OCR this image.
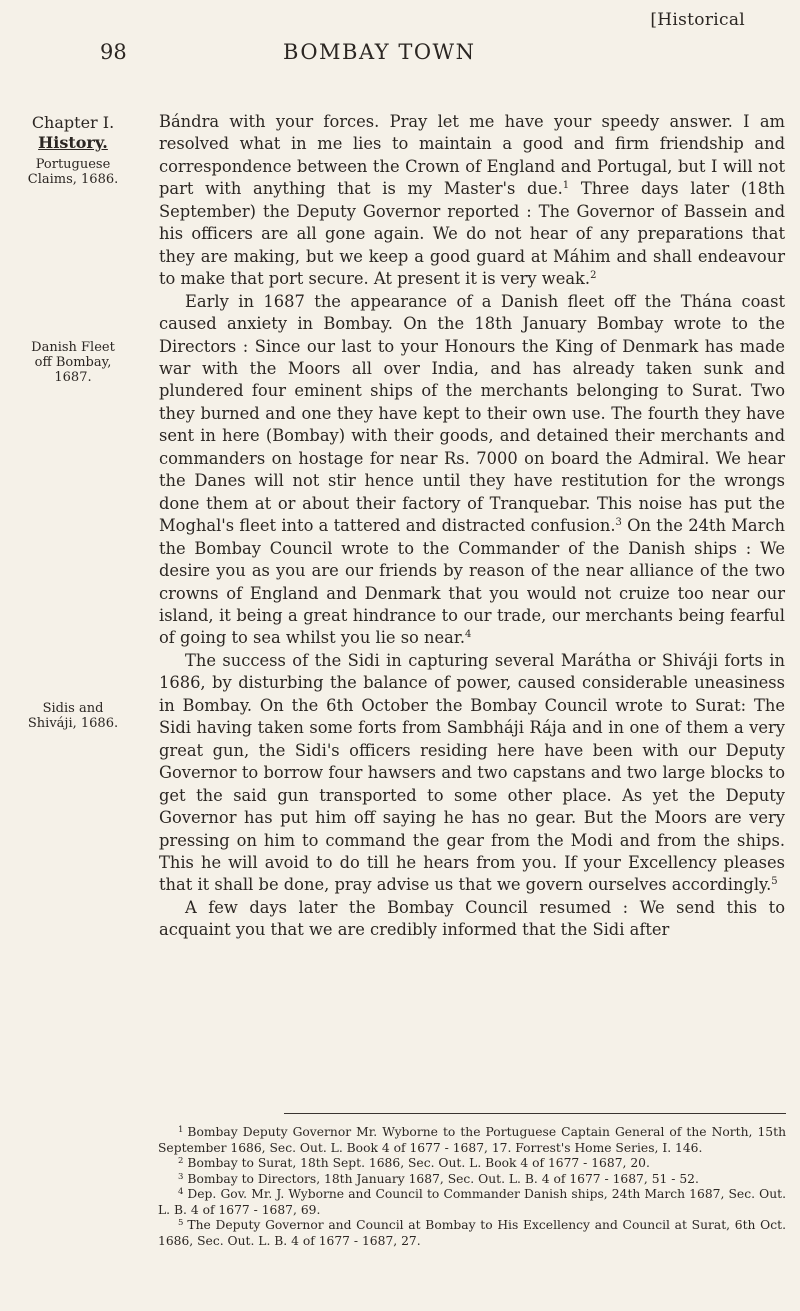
[Historical
98	BOMBAY TOWN
Chapter I.
History.
Portuguese Claims, 1686.
Danish Fleet off Bombay, 1687.
Sidis and Shiváji, 1686.

Bándra with your forces. Pray let me have your speedy answer. I am resolved what in me lies to maintain a good and firm friendship and correspondence between the Crown of England and Portugal, but I will not part with anything that is my Master's due.$^1$ Three days later (18th September) the Deputy Governor reported : The Governor of Bassein and his officers are all gone again. We do not hear of any preparations that they are making, but we keep a good guard at Máhim and shall endeavour to make that port secure. At present it is very weak.$^2$

Early in 1687 the appearance of a Danish fleet off the Thána coast caused anxiety in Bombay. On the 18th January Bombay wrote to the Directors : Since our last to your Honours the King of Denmark has made war with the Moors all over India, and has already taken sunk and plundered four eminent ships of the merchants belonging to Surat. Two they burned and one they have kept to their own use. The fourth they have sent in here (Bombay) with their goods, and detained their merchants and commanders on hostage for near Rs. 7000 on board the Admiral. We hear the Danes will not stir hence until they have restitution for the wrongs done them at or about their factory of Tranquebar. This noise has put the Moghal's fleet into a tattered and distracted confusion.$^3$ On the 24th March the Bombay Council wrote to the Commander of the Danish ships : We desire you as you are our friends by reason of the near alliance of the two crowns of England and Denmark that you would not cruize too near our island, it being a great hindrance to our trade, our merchants being fearful of going to sea whilst you lie so near.$^4$

The success of the Sidi in capturing several Marátha or Shiváji forts in 1686, by disturbing the balance of power, caused considerable uneasiness in Bombay. On the 6th October the Bombay Council wrote to Surat: The Sidi having taken some forts from Sambháji Rája and in one of them a very great gun, the Sidi's officers residing here have been with our Deputy Governor to borrow four hawsers and two capstans and two large blocks to get the said gun transported to some other place. As yet the Deputy Governor has put him off saying he has no gear. But the Moors are very pressing on him to command the gear from the Modi and from the ships. This he will avoid to do till he hears from you. If your Excellency pleases that it shall be done, pray advise us that we govern ourselves accordingly.$^5$

A few days later the Bombay Council resumed : We send this to acquaint you that we are credibly informed that the Sidi after

$^1$ Bombay Deputy Governor Mr. Wyborne to the Portuguese Captain General of the North, 15th September 1686, Sec. Out. L. Book 4 of 1677 - 1687, 17. Forrest's Home Series, I. 146.

$^2$ Bombay to Surat, 18th Sept. 1686, Sec. Out. L. Book 4 of 1677 - 1687, 20.

$^3$ Bombay to Directors, 18th January 1687, Sec. Out. L. B. 4 of 1677 - 1687, 51 - 52.

$^4$ Dep. Gov. Mr. J. Wyborne and Council to Commander Danish ships, 24th March 1687, Sec. Out. L. B. 4 of 1677 - 1687, 69.

$^5$ The Deputy Governor and Council at Bombay to His Excellency and Council at Surat, 6th Oct. 1686, Sec. Out. L. B. 4 of 1677 - 1687, 27.
